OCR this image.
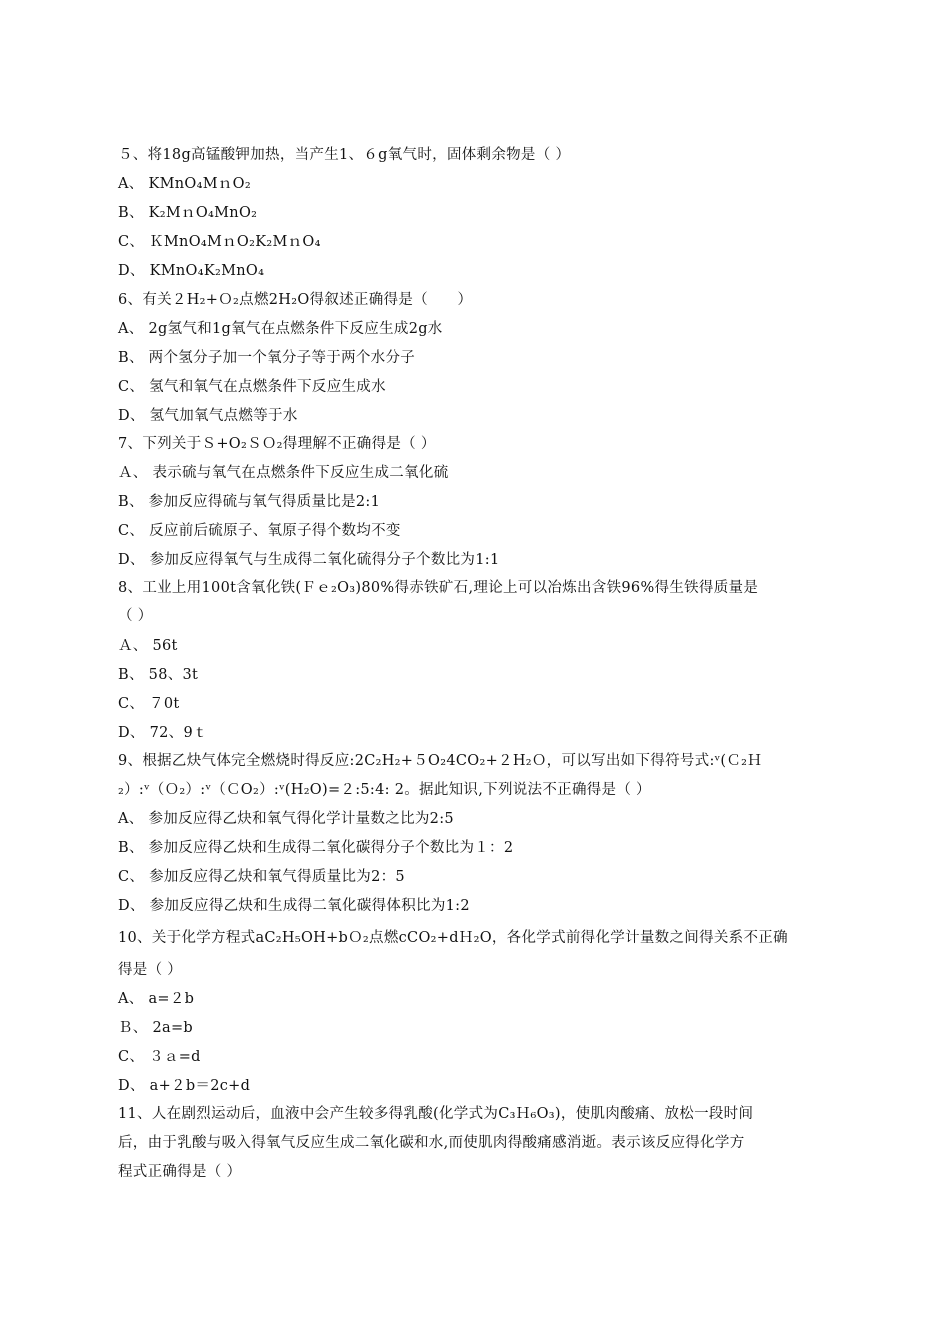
５、将18g高锰酸钾加热，当产生1、６g氧气时，固体剩余物是（ ）
A、 KMnO₄MｎO₂
B、 K₂MｎO₄MnO₂
C、 ＫMnO₄MｎO₂K₂MｎO₄
D、 KMnO₄K₂MnO₄
6、有关２H₂+Ｏ₂点燃2H₂O得叙述正确得是（　　）
A、 2g氢气和1g氧气在点燃条件下反应生成2g水
B、 两个氢分子加一个氧分子等于两个水分子
C、 氢气和氧气在点燃条件下反应生成水
D、 氢气加氧气点燃等于水
7、下列关于Ｓ+O₂ＳＯ₂得理解不正确得是（ ）
Ａ、 表示硫与氧气在点燃条件下反应生成二氧化硫
B、 参加反应得硫与氧气得质量比是2:1
C、 反应前后硫原子、氧原子得个数均不变
D、 参加反应得氧气与生成得二氧化硫得分子个数比为1:1
8、工业上用100t含氧化铁(Ｆｅ₂O₃)80%得赤铁矿石,理论上可以冶炼出含铁96%得生铁得质量是
（ ）
Ａ、 56t
B、 58、3t
C、 ７0t
D、 72、9ｔ
9、根据乙炔气体完全燃烧时得反应:2C₂H₂+５O₂4CO₂+２H₂Ｏ，可以写出如下得符号式:ᵛ(Ｃ₂Ｈ
₂）:ᵛ（Ｏ₂）:ᵛ（ＣO₂）:ᵛ(H₂O)=２:5:4: 2。据此知识,下列说法不正确得是（ ）
A、 参加反应得乙炔和氧气得化学计量数之比为2:5
B、 参加反应得乙炔和生成得二氧化碳得分子个数比为１：2
C、 参加反应得乙炔和氧气得质量比为2：5
D、 参加反应得乙炔和生成得二氧化碳得体积比为1:2
10、关于化学方程式aC₂H₅OH+bＯ₂点燃cCO₂+dＨ₂O，各化学式前得化学计量数之间得关系不正确
得是（ ）
A、 a=２b
Ｂ、 2a=b
C、 ３ａ=d
D、 a+２b＝2c+d
11、人在剧烈运动后，血液中会产生较多得乳酸(化学式为C₃Ｈ₆O₃)，使肌肉酸痛、放松一段时间
后，由于乳酸与吸入得氧气反应生成二氧化碳和水,而使肌肉得酸痛感消逝。表示该反应得化学方
程式正确得是（ ）
